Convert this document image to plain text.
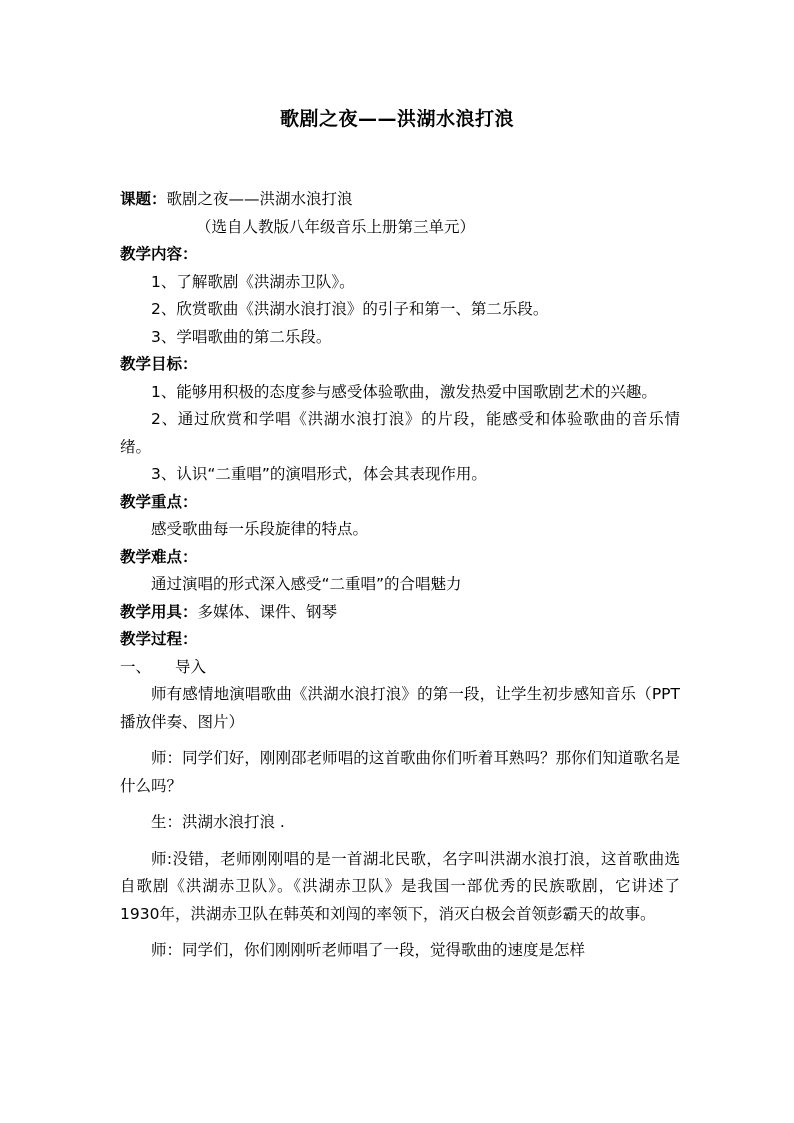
歌剧之夜——洪湖水浪打浪
课题：歌剧之夜——洪湖水浪打浪
（选自人教版八年级音乐上册第三单元）
教学内容：
1、了解歌剧《洪湖赤卫队》。
2、欣赏歌曲《洪湖水浪打浪》的引子和第一、第二乐段。
3、学唱歌曲的第二乐段。
教学目标：
1、能够用积极的态度参与感受体验歌曲，激发热爱中国歌剧艺术的兴趣。
2、通过欣赏和学唱《洪湖水浪打浪》的片段，能感受和体验歌曲的音乐情绪。
3、认识“二重唱”的演唱形式，体会其表现作用。
教学重点：
感受歌曲每一乐段旋律的特点。
教学难点：
通过演唱的形式深入感受“二重唱”的合唱魅力
教学用具：多媒体、课件、钢琴
教学过程：
一、 导入
师有感情地演唱歌曲《洪湖水浪打浪》的第一段，让学生初步感知音乐（PPT播放伴奏、图片）
师：同学们好，刚刚邵老师唱的这首歌曲你们听着耳熟吗？那你们知道歌名是什么吗？
生：洪湖水浪打浪 .
师:没错，老师刚刚唱的是一首湖北民歌，名字叫洪湖水浪打浪，这首歌曲选自歌剧《洪湖赤卫队》。《洪湖赤卫队》是我国一部优秀的民族歌剧，它讲述了1930年，洪湖赤卫队在韩英和刘闯的率领下，消灭白极会首领彭霸天的故事。
师：同学们，你们刚刚听老师唱了一段，觉得歌曲的速度是怎样
